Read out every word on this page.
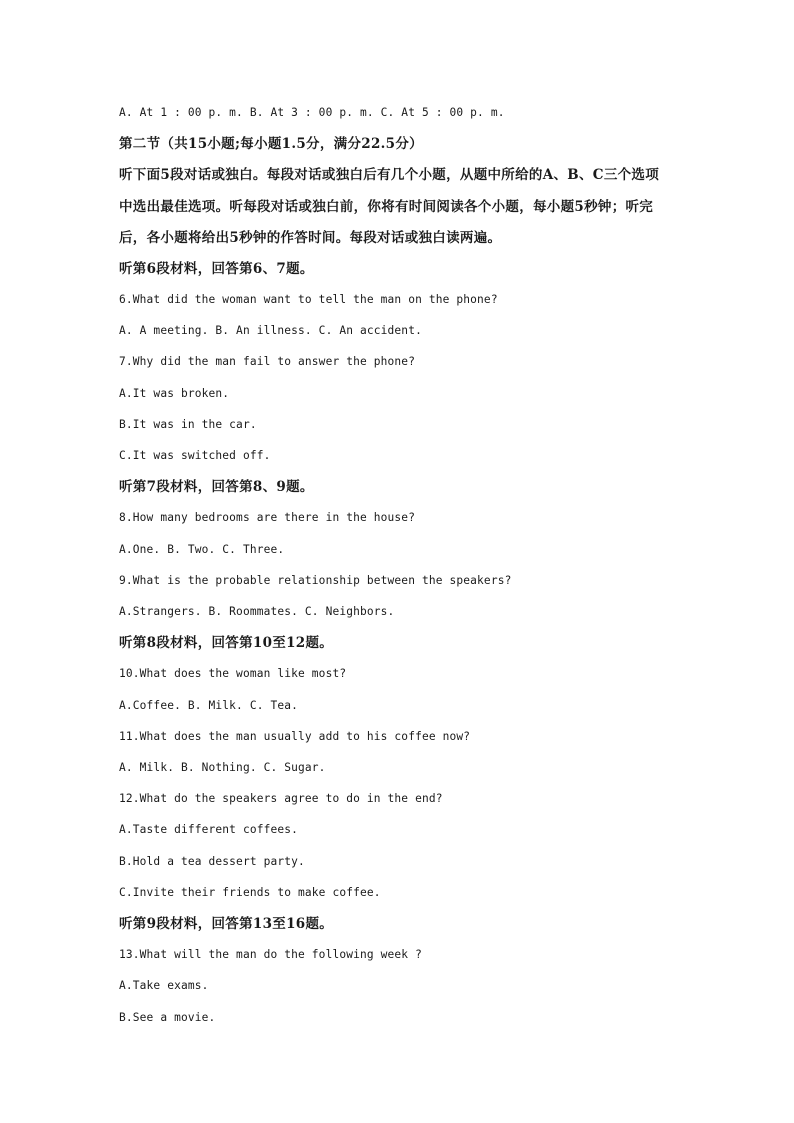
A. At 1 : 00 p. m. B. At 3 : 00 p. m. C. At 5 : 00 p. m.
第二节（共15小题;每小题1.5分，满分22.5分）
听下面5段对话或独白。每段对话或独白后有几个小题，从题中所给的A、B、C三个选项
中选出最佳选项。听每段对话或独白前，你将有时间阅读各个小题，每小题5秒钟；听完
后，各小题将给出5秒钟的作答时间。每段对话或独白读两遍。
听第6段材料，回答第6、7题。
6.What did the woman want to tell the man on the phone?
A. A meeting. B. An illness. C. An accident.
7.Why did the man fail to answer the phone?
A.It was broken.
B.It was in the car.
C.It was switched off.
听第7段材料，回答第8、9题。
8.How many bedrooms are there in the house?
A.One. B. Two. C. Three.
9.What is the probable relationship between the speakers?
A.Strangers. B. Roommates. C. Neighbors.
听第8段材料，回答第10至12题。
10.What does the woman like most?
A.Coffee. B. Milk. C. Tea.
11.What does the man usually add to his coffee now?
A. Milk. B. Nothing. C. Sugar.
12.What do the speakers agree to do in the end?
A.Taste different coffees.
B.Hold a tea dessert party.
C.Invite their friends to make coffee.
听第9段材料，回答第13至16题。
13.What will the man do the following week ?
A.Take exams.
B.See a movie.
